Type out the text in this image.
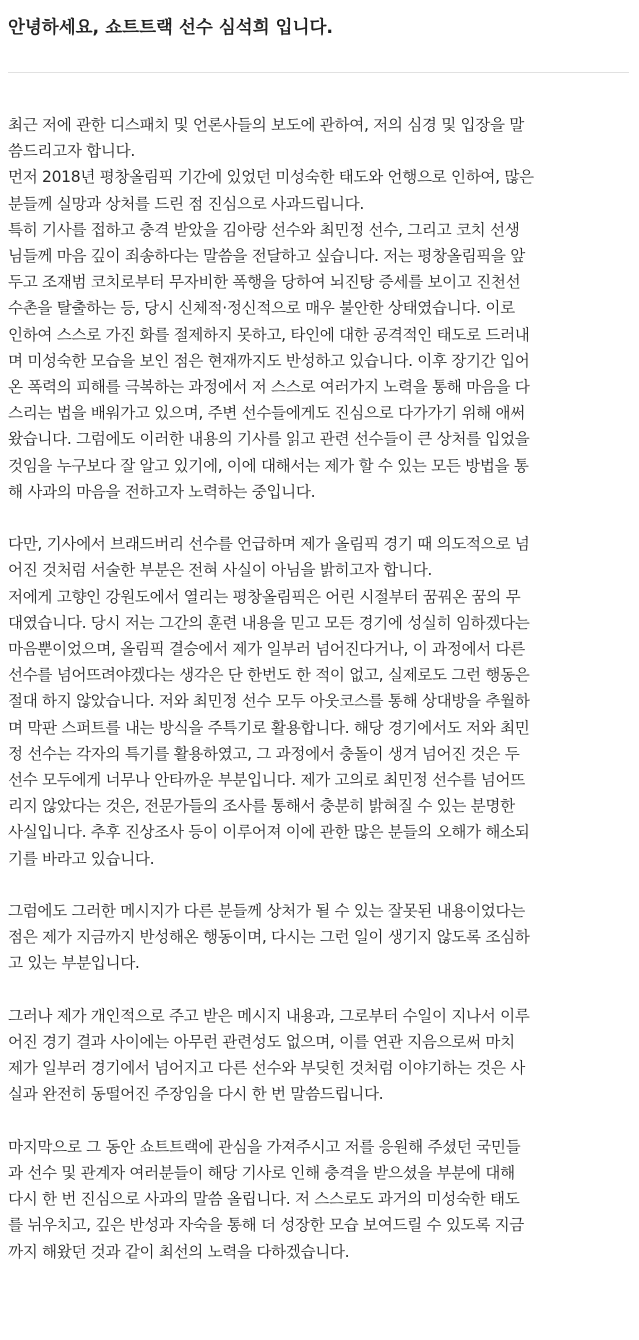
안녕하세요, 쇼트트랙 선수 심석희 입니다.

최근 저에 관한 디스패치 및 언론사들의 보도에 관하여, 저의 심경 및 입장을 말
씀드리고자 합니다.
먼저 2018년 평창올림픽 기간에 있었던 미성숙한 태도와 언행으로 인하여, 많은
분들께 실망과 상처를 드린 점 진심으로 사과드립니다.
특히 기사를 접하고 충격 받았을 김아랑 선수와 최민정 선수, 그리고 코치 선생
님들께 마음 깊이 죄송하다는 말씀을 전달하고 싶습니다. 저는 평창올림픽을 앞
두고 조재범 코치로부터 무자비한 폭행을 당하여 뇌진탕 증세를 보이고 진천선
수촌을 탈출하는 등, 당시 신체적·정신적으로 매우 불안한 상태였습니다. 이로
인하여 스스로 가진 화를 절제하지 못하고, 타인에 대한 공격적인 태도로 드러내
며 미성숙한 모습을 보인 점은 현재까지도 반성하고 있습니다. 이후 장기간 입어
온 폭력의 피해를 극복하는 과정에서 저 스스로 여러가지 노력을 통해 마음을 다
스리는 법을 배워가고 있으며, 주변 선수들에게도 진심으로 다가가기 위해 애써
왔습니다. 그럼에도 이러한 내용의 기사를 읽고 관련 선수들이 큰 상처를 입었을
것임을 누구보다 잘 알고 있기에, 이에 대해서는 제가 할 수 있는 모든 방법을 통
해 사과의 마음을 전하고자 노력하는 중입니다.

다만, 기사에서 브래드버리 선수를 언급하며 제가 올림픽 경기 때 의도적으로 넘
어진 것처럼 서술한 부분은 전혀 사실이 아님을 밝히고자 합니다.
저에게 고향인 강원도에서 열리는 평창올림픽은 어린 시절부터 꿈꿔온 꿈의 무
대였습니다. 당시 저는 그간의 훈련 내용을 믿고 모든 경기에 성실히 임하겠다는
마음뿐이었으며, 올림픽 결승에서 제가 일부러 넘어진다거나, 이 과정에서 다른
선수를 넘어뜨려야겠다는 생각은 단 한번도 한 적이 없고, 실제로도 그런 행동은
절대 하지 않았습니다. 저와 최민정 선수 모두 아웃코스를 통해 상대방을 추월하
며 막판 스퍼트를 내는 방식을 주특기로 활용합니다. 해당 경기에서도 저와 최민
정 선수는 각자의 특기를 활용하였고, 그 과정에서 충돌이 생겨 넘어진 것은 두
선수 모두에게 너무나 안타까운 부분입니다. 제가 고의로 최민정 선수를 넘어뜨
리지 않았다는 것은, 전문가들의 조사를 통해서 충분히 밝혀질 수 있는 분명한
사실입니다. 추후 진상조사 등이 이루어져 이에 관한 많은 분들의 오해가 해소되
기를 바라고 있습니다.

그럼에도 그러한 메시지가 다른 분들께 상처가 될 수 있는 잘못된 내용이었다는
점은 제가 지금까지 반성해온 행동이며, 다시는 그런 일이 생기지 않도록 조심하
고 있는 부분입니다.

그러나 제가 개인적으로 주고 받은 메시지 내용과, 그로부터 수일이 지나서 이루
어진 경기 결과 사이에는 아무런 관련성도 없으며, 이를 연관 지음으로써 마치
제가 일부러 경기에서 넘어지고 다른 선수와 부딪힌 것처럼 이야기하는 것은 사
실과 완전히 동떨어진 주장임을 다시 한 번 말씀드립니다.

마지막으로 그 동안 쇼트트랙에 관심을 가져주시고 저를 응원해 주셨던 국민들
과 선수 및 관계자 여러분들이 해당 기사로 인해 충격을 받으셨을 부분에 대해
다시 한 번 진심으로 사과의 말씀 올립니다. 저 스스로도 과거의 미성숙한 태도
를 뉘우치고, 깊은 반성과 자숙을 통해 더 성장한 모습 보여드릴 수 있도록 지금
까지 해왔던 것과 같이 최선의 노력을 다하겠습니다.
